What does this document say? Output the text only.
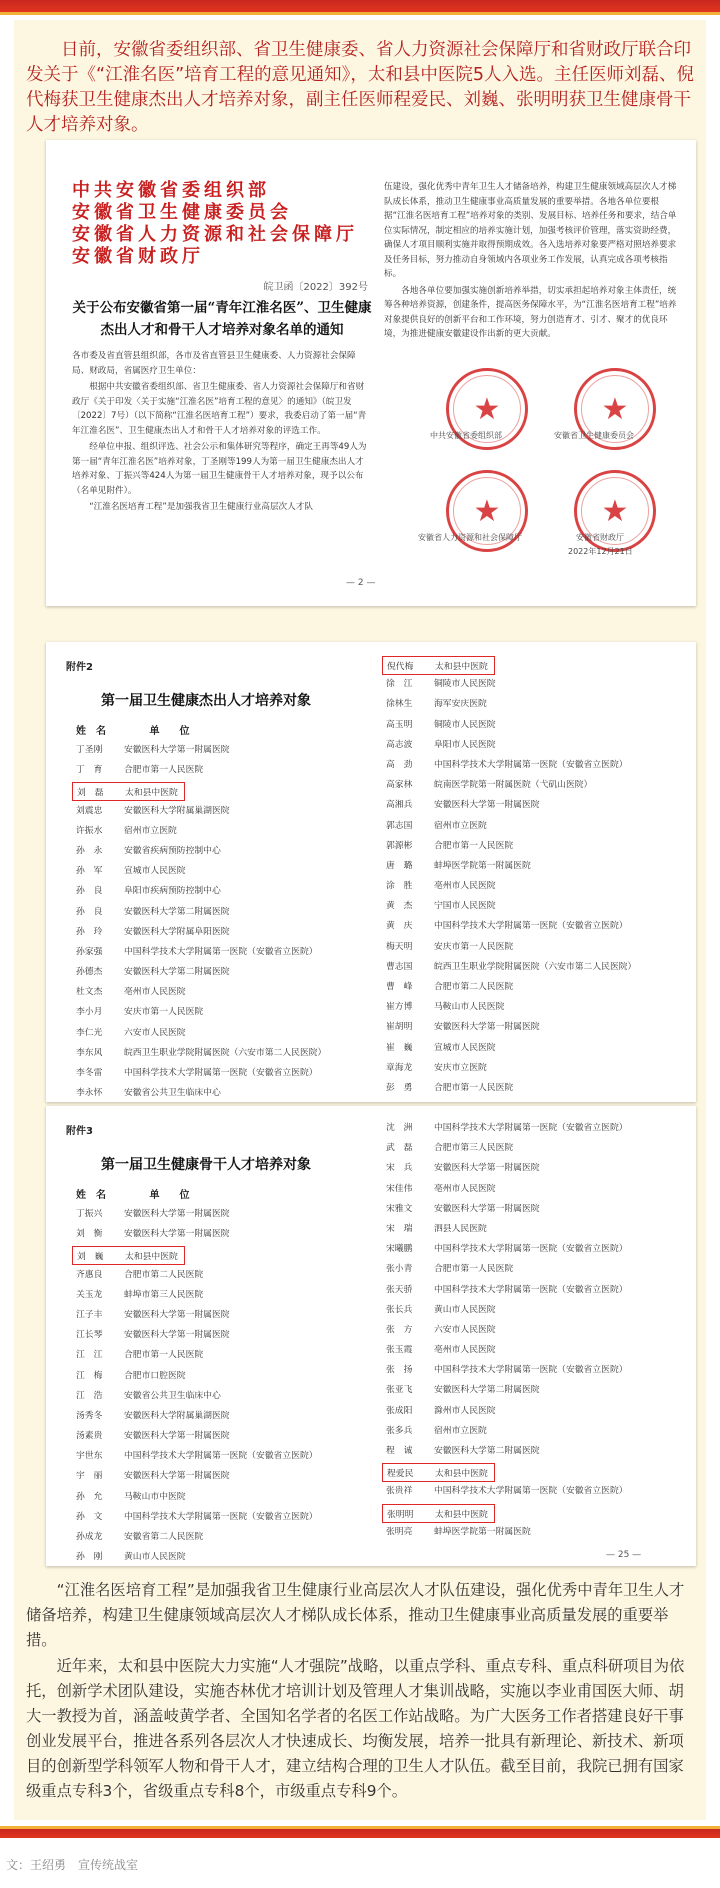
日前，安徽省委组织部、省卫生健康委、省人力资源社会保障厅和省财政厅联合印发关于《“江淮名医”培育工程的意见通知》，太和县中医院5人入选。主任医师刘磊、倪代梅获卫生健康杰出人才培养对象，副主任医师程爱民、刘巍、张明明获卫生健康骨干人才培养对象。

中共安徽省委组织部

安徽省卫生健康委员会

安徽省人力资源和社会保障厅

安徽省财政厅

皖卫函〔2022〕392号
关于公布安徽省第一届“青年江淮名医”、卫生健康杰出人才和骨干人才培养对象名单的通知

各市委及省直管县组织部，各市及省直管县卫生健康委、人力资源社会保障局、财政局，省属医疗卫生单位：

根据中共安徽省委组织部、省卫生健康委、省人力资源社会保障厅和省财政厅《关于印发〈关于实施“江淮名医”培育工程的意见〉的通知》（皖卫发〔2022〕7号）（以下简称“江淮名医培育工程”）要求，我委启动了第一届“青年江淮名医”、卫生健康杰出人才和骨干人才培养对象的评选工作。

经单位申报、组织评选、社会公示和集体研究等程序，确定王再等49人为第一届“青年江淮名医”培养对象，丁圣刚等199人为第一届卫生健康杰出人才培养对象、丁振兴等424人为第一届卫生健康骨干人才培养对象，现予以公布（名单见附件）。

“江淮名医培育工程”是加强我省卫生健康行业高层次人才队

伍建设，强化优秀中青年卫生人才储备培养，构建卫生健康领域高层次人才梯队成长体系，推动卫生健康事业高质量发展的重要举措。各地各单位要根据“江淮名医培育工程”培养对象的类别、发展目标、培养任务和要求，结合单位实际情况，制定相应的培养实施计划，加强考核评价管理，落实资助经费，确保人才项目顺利实施并取得预期成效。各入选培养对象要严格对照培养要求及任务目标，努力推动自身领域内各项业务工作发展，认真完成各项考核指标。

各地各单位要加强实施创新培养举措，切实承担起培养对象主体责任，统筹各种培养资源，创建条件，提高医务保障水平，为“江淮名医培育工程”培养对象提供良好的创新平台和工作环境，努力创造育才、引才、聚才的优良环境，为推进健康安徽建设作出新的更大贡献。

★	★
★	★
中共安徽省委组织部	安徽省卫生健康委员会
安徽省人力资源和社会保障厅	安徽省财政厅
2022年12月21日
— 2 —
附件2
第一届卫生健康杰出人才培养对象
姓　名	单　　位
丁圣刚 安徽医科大学第一附属医院
丁　育 合肥市第一人民医院
刘　磊 太和县中医院
刘震忠 安徽医科大学附属巢湖医院
许振水 宿州市立医院
孙　永 安徽省疾病预防控制中心
孙　军 宣城市人民医院
孙　良 阜阳市疾病预防控制中心
孙　良 安徽医科大学第二附属医院
孙　玲 安徽医科大学附属阜阳医院
孙家强 中国科学技术大学附属第一医院（安徽省立医院）
孙德杰 安徽医科大学第二附属医院
杜文杰 亳州市人民医院
李小月 安庆市第一人民医院
李仁光 六安市人民医院
李东风 皖西卫生职业学院附属医院（六安市第二人民医院）
李冬雷 中国科学技术大学附属第一医院（安徽省立医院）
李永怀 安徽省公共卫生临床中心
倪代梅 太和县中医院
徐　江 铜陵市人民医院
徐林生 海军安庆医院
高玉明 铜陵市人民医院
高志波 阜阳市人民医院
高　劲 中国科学技术大学附属第一医院（安徽省立医院）
高家林 皖南医学院第一附属医院（弋矶山医院）
高湘兵 安徽医科大学第一附属医院
郭志国 宿州市立医院
郭源彬 合肥市第一人民医院
唐　璐 蚌埠医学院第一附属医院
涂　胜 亳州市人民医院
黄　杰 宁国市人民医院
黄　庆 中国科学技术大学附属第一医院（安徽省立医院）
梅天明 安庆市第一人民医院
曹志国 皖西卫生职业学院附属医院（六安市第二人民医院）
曹　峰 合肥市第二人民医院
崔方博 马鞍山市人民医院
崔胡明 安徽医科大学第一附属医院
崔　巍 宣城市人民医院
章海龙 安庆市立医院
彭　勇 合肥市第一人民医院
附件3
第一届卫生健康骨干人才培养对象
姓　名	单　　位
丁振兴 安徽医科大学第一附属医院
刘　衡 安徽医科大学第一附属医院
刘　巍 太和县中医院
齐惠良 合肥市第二人民医院
关玉龙 蚌埠市第三人民医院
江子丰 安徽医科大学第一附属医院
江长琴 安徽医科大学第一附属医院
江　江 合肥市第一人民医院
江　梅 合肥市口腔医院
江　浩 安徽省公共卫生临床中心
汤秀冬 安徽医科大学附属巢湖医院
汤素贵 安徽医科大学第一附属医院
宇世东 中国科学技术大学附属第一医院（安徽省立医院）
宇　丽 安徽医科大学第一附属医院
孙　允 马鞍山市中医院
孙　文 中国科学技术大学附属第一医院（安徽省立医院）
孙成龙 安徽省第二人民医院
孙　刚 黄山市人民医院
沈　洲 中国科学技术大学附属第一医院（安徽省立医院）
武　磊 合肥市第三人民医院
宋　兵 安徽医科大学第一附属医院
宋佳伟 亳州市人民医院
宋雅文 安徽医科大学第一附属医院
宋　瑞 泗县人民医院
宋曦鹏 中国科学技术大学附属第一医院（安徽省立医院）
张小青 合肥市第一人民医院
张天骄 中国科学技术大学附属第一医院（安徽省立医院）
张长兵 黄山市人民医院
张　方 六安市人民医院
张玉霞 亳州市人民医院
张　扬 中国科学技术大学附属第一医院（安徽省立医院）
张亚飞 安徽医科大学第二附属医院
张成阳 滁州市人民医院
张多兵 宿州市立医院
程　诚 安徽医科大学第二附属医院
程爱民 太和县中医院
张贵祥 中国科学技术大学附属第一医院（安徽省立医院）
张明明 太和县中医院
张明亮 蚌埠医学院第一附属医院
— 25 —

“江淮名医培育工程”是加强我省卫生健康行业高层次人才队伍建设，强化优秀中青年卫生人才储备培养，构建卫生健康领域高层次人才梯队成长体系，推动卫生健康事业高质量发展的重要举措。

近年来，太和县中医院大力实施“人才强院”战略，以重点学科、重点专科、重点科研项目为依托，创新学术团队建设，实施杏林优才培训计划及管理人才集训战略，实施以李业甫国医大师、胡大一教授为首，涵盖岐黄学者、全国知名学者的名医工作站战略。为广大医务工作者搭建良好干事创业发展平台，推进各系列各层次人才快速成长、均衡发展，培养一批具有新理论、新技术、新项目的创新型学科领军人物和骨干人才，建立结构合理的卫生人才队伍。截至目前，我院已拥有国家级重点专科3个，省级重点专科8个，市级重点专科9个。

文：王绍勇　宣传统战室
